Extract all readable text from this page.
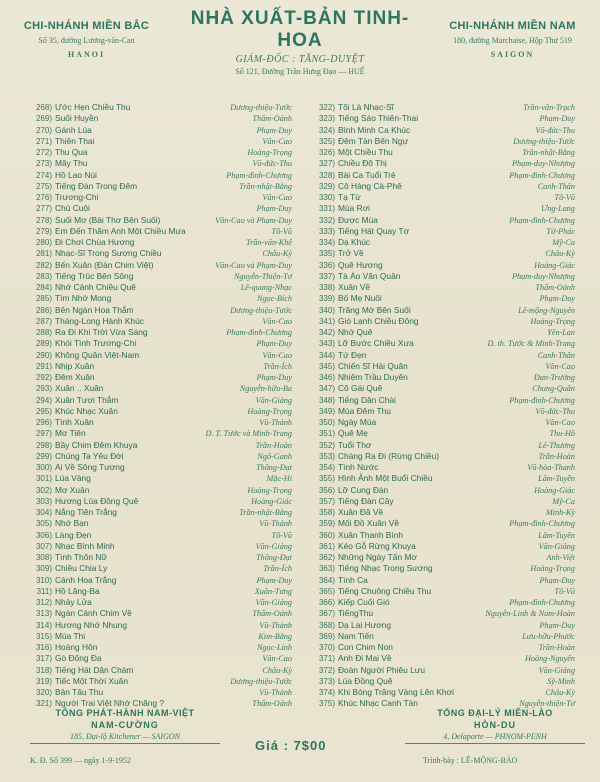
CHI-NHÁNH MIỀN BẮC
Số 35, đường Lương-văn-Can
HANOI
NHÀ XUẤT-BẢN TINH-HOA
GIÁM-ĐỐC : TĂNG-DUYỆT
Số 121, Đường Trần Hưng Đạo — HUẾ
CHI-NHÁNH MIỀN NAM
180, đường Marchaise, Hộp Thư 519
SAIGON
268) Ước Hẹn Chiều Thu	Dương-thiệu-Tước
269) Suối Huyền	Thẩm-Oánh
270) Gánh Lúa	Phạm-Duy
271) Thiên Thai	Văn-Cao
272) Thu Qua	Hoàng-Trọng
273) Mây Thu	Võ-đức-Thu
274) Hồ Lao Núi	Phạm-đình-Chương
275) Tiếng Đàn Trong Đêm	Trần-nhật-Bằng
276) Trương-Chi	Văn-Cao
277) Chú Cuội	Phạm-Duy
278) Suối Mơ (Bài Thơ Bên Suối)	Văn-Cao và Phạm-Duy
279) Em Đến Thăm Anh Một Chiều Mưa	Tô-Vũ
280) Đi Chơi Chùa Hương	Trần-văn-Khê
281) Nhạc-Sĩ Trong Sương Chiều	Châu-Kỳ
282) Bến Xuân (Đàn Chim Việt)	Văn-Cao và Phạm-Duy
283) Tiếng Trúc Bên Sông	Nguyễn-Thiện-Tơ
284) Nhớ Cảnh Chiều Quê	Lê-quang-Nhạc
285) Tìm Nhớ Mong	Ngọc-Bích
286) Bên Ngàn Hoa Thắm	Dương-thiệu-Tước
287) Tháng-Long Hành Khúc	Văn-Cao
288) Ra Đi Khi Trời Vừa Sáng	Phạm-đình-Chương
289) Khói Tình Trương-Chi	Phạm-Duy
290) Không Quân Việt-Nam	Văn-Cao
291) Nhịp Xuân	Trần-Ích
292) Đêm Xuân	Phạm-Duy
293) Xuân .. Xuân	Nguyễn-hữu-Ba
294) Xuân Tươi Thắm	Văn-Giảng
295) Khúc Nhạc Xuân	Hoàng-Trọng
296) Tình Xuân	Vũ-Thành
297) Mơ Tiên	D. T. Tước và Minh-Trang
298) Bầy Chim Đêm Khuya	Trần-Hoàn
299) Chúng Ta Yêu Đời	Ngô-Ganh
300) Ai Về Sông Tương	Thông-Đạt
301) Lúa Vàng	Mặc-Hi
302) Mơ Xuân	Hoàng-Trọng
303) Hương Lúa Đồng Quê	Hoàng-Giác
304) Nắng Tiên Trắng	Trần-nhật-Bằng
305) Nhớ Bạn	Vũ-Thành
306) Làng Đẹn	Tô-Vũ
307) Nhạc Bình Minh	Văn-Giảng
308) Tình Thôn Nữ	Thông-Đạt
309) Chiều Chia Ly	Trần-Ích
310) Cánh Hoa Trắng	Phạm-Duy
311) Hồ Lăng-Ba	Xuân-Tưng
312) Nhảy Lửa	Văn-Giảng
313) Ngàn Cánh Chim Về	Thẩm-Oánh
314) Hương Nhớ Nhung	Vũ-Thành
315) Mùa Thi	Kim-Bằng
316) Hoàng Hôn	Ngọc-Linh
317) Gò Đống Đa	Văn-Cao
318) Tiếng Hát Dân Chàm	Châu-Kỳ
319) Tiếc Một Thời Xuân	Dương-thiệu-Tước
320) Bản Tâu Thu	Vũ-Thành
321) Người Trai Việt Nhớ Chăng ?	Thẩm-Oánh
322) Tôi Là Nhạc-Sĩ	Trần-văn-Trạch
323) Tiếng Sáo Thiên-Thai	Phạm-Duy
324) Bình Minh Ca Khúc	Võ-đức-Thu
325) Đêm Tàn Bến Ngự	Dương-thiệu-Tước
326) Một Chiều Thu	Trần-nhật-Bằng
327) Chiều Đô Thị	Phạm-duy-Nhượng
328) Bài Ca Tuổi Trẻ	Phạm-đình-Chương
329) Cô Hàng Cà-Phê	Canh-Thân
330) Tạ Từ	Tô-Vũ
331) Mùa Rơi	Ưng-Lang
332) Được Mùa	Phạm-đình-Chương
333) Tiếng Hát Quay Tơ	Tử-Phác
334) Dạ Khúc	Mỹ-Ca
335) Trở Về	Châu-Kỳ
336) Quê Hương	Hoàng-Giác
337) Tà Áo Văn Quân	Phạm-duy-Nhượng
338) Xuân Về	Thẩm-Oánh
339) Bố Mẹ Nuôi	Phạm-Duy
340) Trăng Mờ Bên Suối	Lê-mộng-Nguyên
341) Gió Lạnh Chiều Đông	Hoàng-Trọng
342) Nhớ Quê	Yên-Lan
343) Lỡ Bước Chiều Xưa	D. th. Tước & Minh-Trang
344) Tứ Đẹn	Canh-Thân
345) Chiến Sĩ Hải Quân	Văn-Cao
346) Nhiệm Trầu Duyên	Đan-Trường
347) Cô Gái Quê	Chung-Quân
348) Tiếng Dân Chài	Phạm-đình-Chương
349) Mùa Đêm Thu	Võ-đức-Thu
350) Ngày Mùa	Văn-Cao
351) Quê Mẹ	Thu-Hồ
352) Tuổi Thơ	Lê-Thương
353) Chàng Ra Đi (Rừng Chiều)	Trần-Hoàn
354) Tình Nước	Vũ-hòa-Thanh
355) Hình Ảnh Một Buổi Chiều	Lâm-Tuyền
356) Lỡ Cung Đàn	Hoàng-Giác
357) Tiếng Đàn Cây	Mỹ-Ca
358) Xuân Đã Về	Minh-Kỳ
359) Mối Đồ Xuân Về	Phạm-đình-Chương
360) Xuân Thanh Bình	Lâm-Tuyền
361) Kéo Gỗ Rừng Khuya	Văn-Giảng
362) Những Ngày Tấn Mơ	Anh-Việt
363) Tiếng Nhạc Trong Sương	Hoàng-Trọng
364) Tình Ca	Phạm-Duy
365) Tiếng Chuông Chiều Thu	Tô-Vũ
366) Kiếp Cuối Gió	Phạm-đình-Chương
367) TiếngThu	Nguyễn-Linh & Nam-Hoàn
368) Dạ Lai Hương	Phạm-Duy
369) Nam Tiến	Lưu-hữu-Phước
370) Con Chim Non	Trần-Hoàn
371) Anh Đi Mai Về	Hoàng-Nguyên
372) Đoàn Người Phiêu Lưu	Văn-Giảng
373) Lúa Đồng Quê	Sỹ-Minh
374) Khi Bóng Trăng Vàng Lên Khơi	Châu-Kỳ
375) Khúc Nhạc Canh Tàn	Nguyễn-thiện-Tơ
TỔNG PHÁT-HÀNH NAM-VIỆT
NAM-CƯỜNG
185, Đại-lộ Kitchener — SAIGON
Giá : 7$00
TỔNG ĐẠI-LÝ MIÊN-LÀO
HÒN-DU
4, Delaporte — PHNOM-PENH
K. Đ. Số 399 — ngày 1-9-1952	Trình-bày : LÊ-MỘNG-BẢO
